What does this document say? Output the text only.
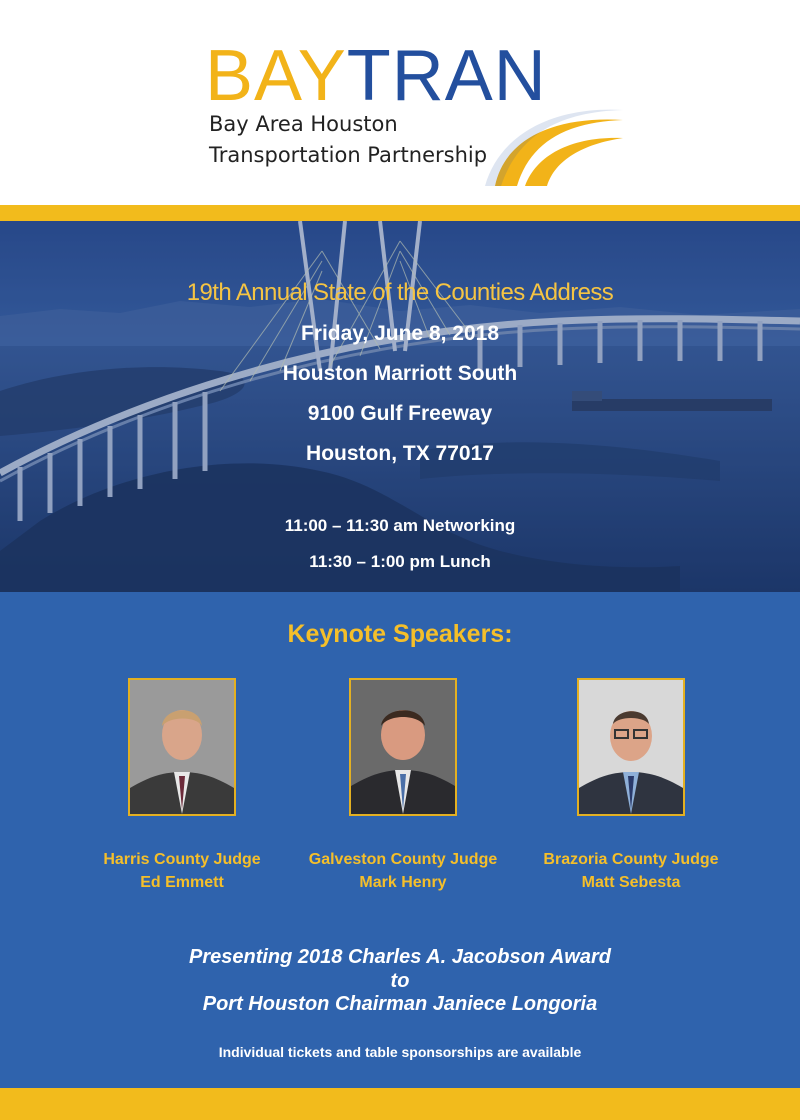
BAYTRAN
Bay Area Houston
Transportation Partnership
19th Annual State of the Counties Address
Friday, June 8, 2018
Houston Marriott South
9100 Gulf Freeway
Houston, TX 77017
11:00 – 11:30 am Networking
11:30 – 1:00 pm Lunch
Keynote Speakers:
Harris County Judge
Ed Emmett
Galveston County Judge
Mark Henry
Brazoria County Judge
Matt Sebesta
Presenting 2018 Charles A. Jacobson Award
to
Port Houston Chairman Janiece Longoria
Individual tickets and table sponsorships are available
